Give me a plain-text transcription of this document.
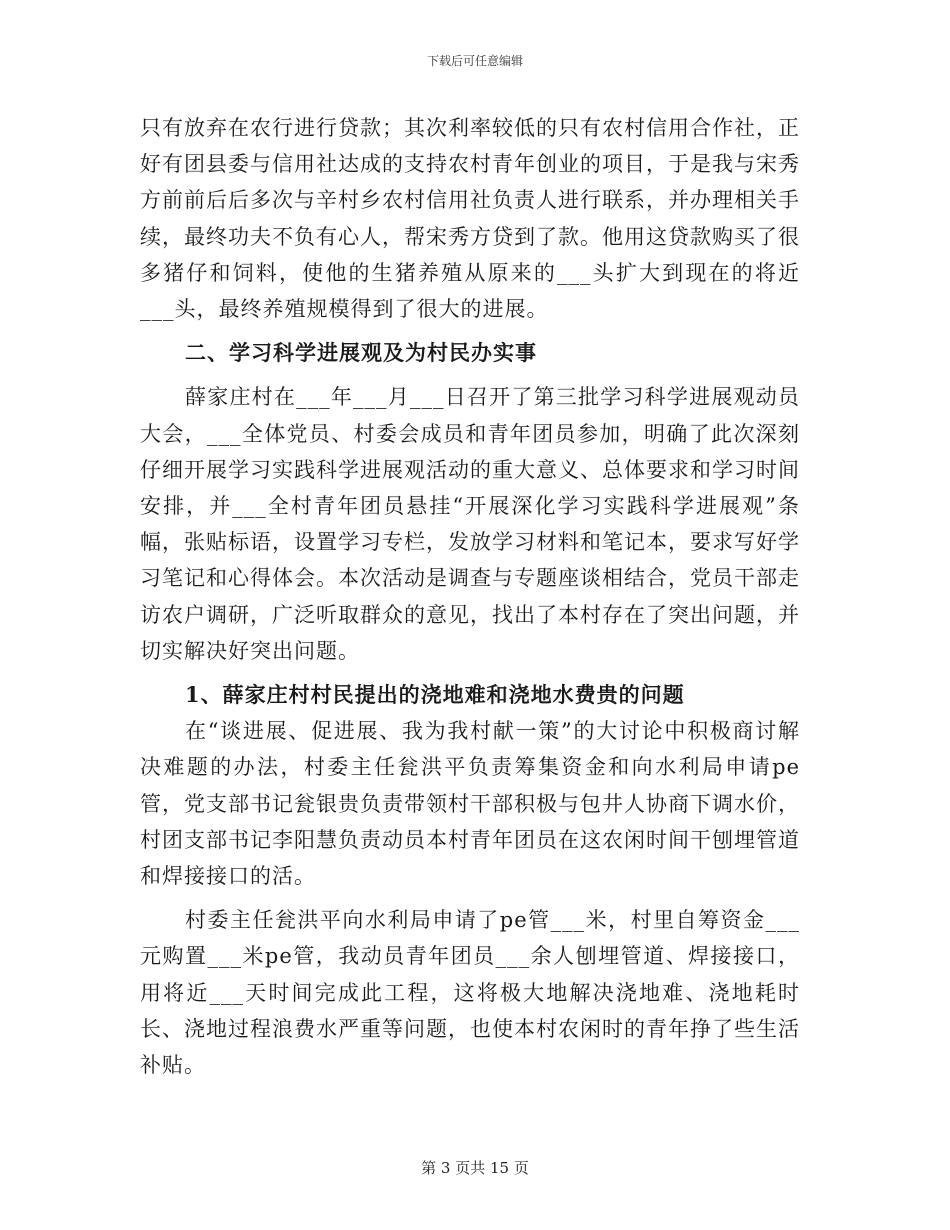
下载后可任意编辑

只有放弃在农行进行贷款；其次利率较低的只有农村信用合作社，正好有团县委与信用社达成的支持农村青年创业的项目，于是我与宋秀方前前后后多次与辛村乡农村信用社负责人进行联系，并办理相关手续，最终功夫不负有心人，帮宋秀方贷到了款。他用这贷款购买了很多猪仔和饲料，使他的生猪养殖从原来的___头扩大到现在的将近___头，最终养殖规模得到了很大的进展。

二、学习科学进展观及为村民办实事

薛家庄村在___年___月___日召开了第三批学习科学进展观动员大会，___全体党员、村委会成员和青年团员参加，明确了此次深刻仔细开展学习实践科学进展观活动的重大意义、总体要求和学习时间安排，并___全村青年团员悬挂“开展深化学习实践科学进展观”条幅，张贴标语，设置学习专栏，发放学习材料和笔记本，要求写好学习笔记和心得体会。本次活动是调查与专题座谈相结合，党员干部走访农户调研，广泛听取群众的意见，找出了本村存在了突出问题，并切实解决好突出问题。

1、薛家庄村村民提出的浇地难和浇地水费贵的问题

在“谈进展、促进展、我为我村献一策”的大讨论中积极商讨解决难题的办法，村委主任瓮洪平负责筹集资金和向水利局申请pe管，党支部书记瓮银贵负责带领村干部积极与包井人协商下调水价，村团支部书记李阳慧负责动员本村青年团员在这农闲时间干刨埋管道和焊接接口的活。

村委主任瓮洪平向水利局申请了pe管___米，村里自筹资金___元购置___米pe管，我动员青年团员___余人刨埋管道、焊接接口，用将近___天时间完成此工程，这将极大地解决浇地难、浇地耗时长、浇地过程浪费水严重等问题，也使本村农闲时的青年挣了些生活补贴。

第 3 页共 15 页
